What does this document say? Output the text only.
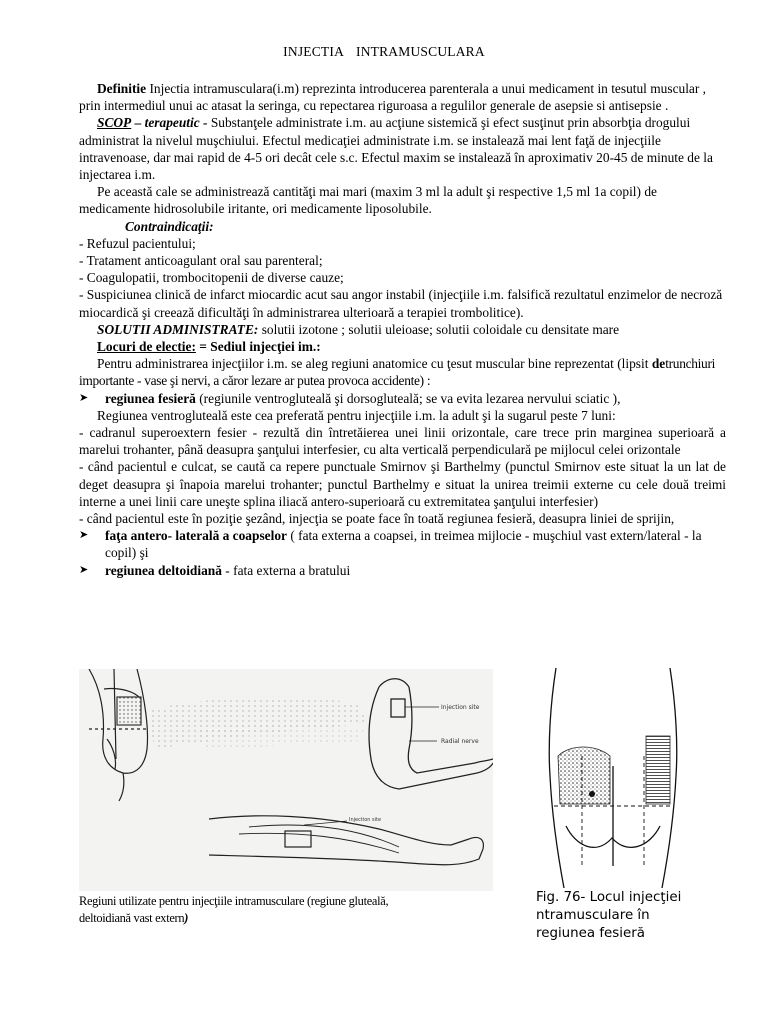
INJECTIA INTRAMUSCULARA

Definitie Injectia intramusculara(i.m) reprezinta introducerea parenterala a unui medicament in tesutul muscular , prin intermediul unui ac atasat la seringa, cu repectarea riguroasa a regulilor generale de asepsie si antisepsie .

SCOP – terapeutic - Substanţele administrate i.m. au acţiune sistemică şi efect susţinut prin absorbţia drogului administrat la nivelul muşchiului. Efectul medicaţiei administrate i.m. se instalează mai lent faţă de injecţiile intravenoase, dar mai rapid de 4-5 ori decât cele s.c. Efectul maxim se instalează în aproximativ 20-45 de minute de la injectarea i.m.

Pe această cale se administrează cantităţi mai mari (maxim 3 ml la adult şi respective 1,5 ml 1a copil) de medicamente hidrosolubile iritante, ori medicamente liposolubile.

Contraindicaţii:

- Refuzul pacientului;

- Tratament anticoagulant oral sau parenteral;

- Coagulopatii, trombocitopenii de diverse cauze;

- Suspiciunea clinică de infarct miocardic acut sau angor instabil (injecţiile i.m. falsifică rezultatul enzimelor de necroză miocardică şi creează dificultăţi în administrarea ulterioară a terapiei trombolitice).

SOLUTII ADMINISTRATE: solutii izotone ; solutii uleioase; solutii coloidale cu densitate mare

Locuri de electie: = Sediul injecţiei im.:

Pentru administrarea injecţiilor i.m. se aleg regiuni anatomice cu ţesut muscular bine reprezentat (lipsit detrunchiuri importante - vase şi nervi, a căror lezare ar putea provoca accidente) :

➤ regiunea fesieră (regiunile ventrogluteală şi dorsogluteală; se va evita lezarea nervului sciatic ),

Regiunea ventrogluteală este cea preferată pentru injecţiile i.m. la adult şi la sugarul peste 7 luni:

- cadranul superoextern fesier - rezultă din întretăierea unei linii orizontale, care trece prin marginea superioară a marelui trohanter, până deasupra şanţului interfesier, cu alta verticală perpendiculară pe mijlocul celei orizontale

- când pacientul e culcat, se caută ca repere punctuale Smirnov şi Barthelmy (punctul Smirnov este situat la un lat de deget deasupra şi înapoia marelui trohanter; punctul Barthelmy e situat la unirea treimii externe cu cele două treimi interne a unei linii care uneşte splina iliacă antero-superioară cu extremitatea şanţului interfesier)

- când pacientul este în poziţie şezând, injecţia se poate face în toată regiunea fesieră, deasupra liniei de sprijin,

➤ faţa antero- laterală a coapselor ( fata externa a coapsei, in treimea mijlocie - muşchiul vast extern/lateral - la copil) şi

➤ regiunea deltoidiană - fata externa a bratului

Injection site
Radial nerve
Injection site
Regiuni utilizate pentru injecţiile intramusculare (regiune gluteală,
deltoidiană vast extern)
Fig. 76- Locul injecţiei ntramusculare în regiunea fesieră
